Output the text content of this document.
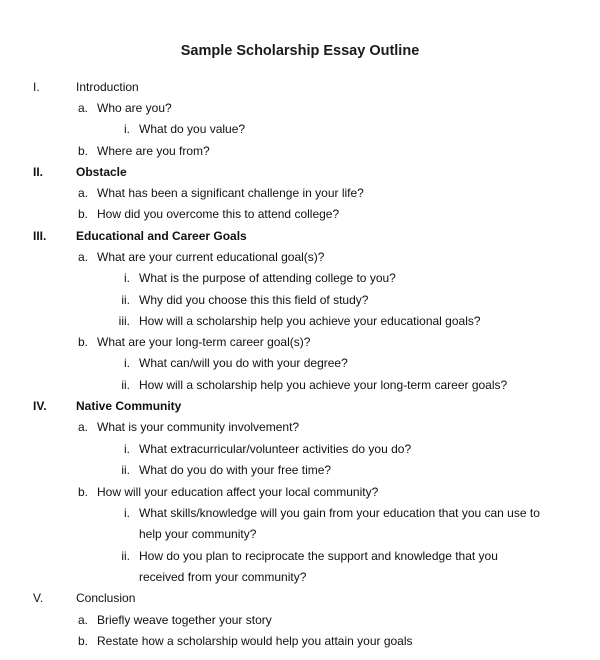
Sample Scholarship Essay Outline
I.	Introduction
a. Who are you?
i. What do you value?
b. Where are you from?
II.	Obstacle
a. What has been a significant challenge in your life?
b. How did you overcome this to attend college?
III. Educational and Career Goals
a. What are your current educational goal(s)?
i. What is the purpose of attending college to you?
ii. Why did you choose this this field of study?
iii. How will a scholarship help you achieve your educational goals?
b. What are your long-term career goal(s)?
i. What can/will you do with your degree?
ii. How will a scholarship help you achieve your long-term career goals?
IV. Native Community
a. What is your community involvement?
i. What extracurricular/volunteer activities do you do?
ii. What do you do with your free time?
b. How will your education affect your local community?
i. What skills/knowledge will you gain from your education that you can use to
help your community?
ii. How do you plan to reciprocate the support and knowledge that you
received from your community?
V.	Conclusion
a. Briefly weave together your story
b. Restate how a scholarship would help you attain your goals
